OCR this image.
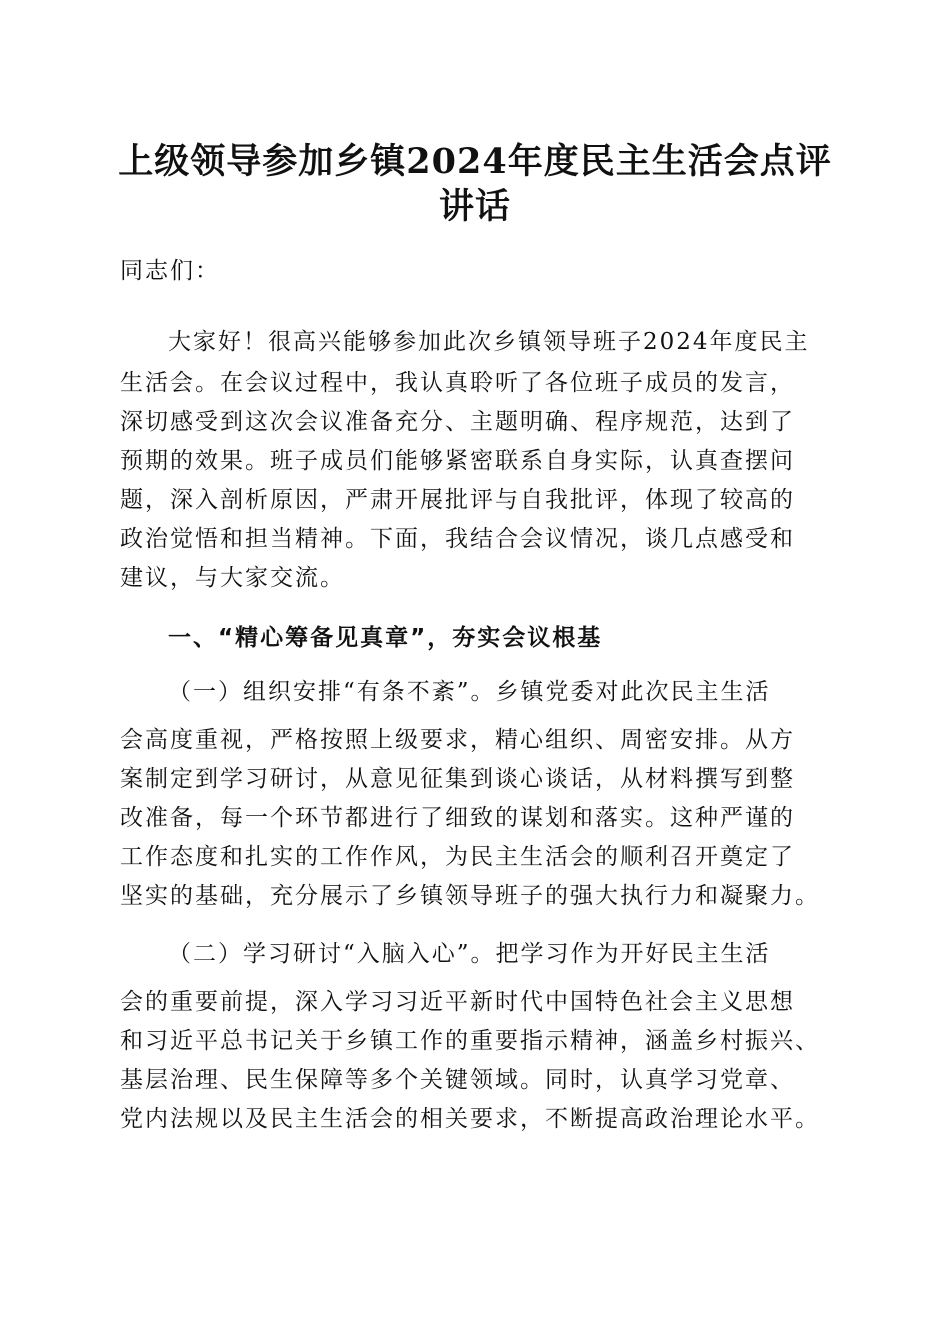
上级领导参加乡镇2024年度民主生活会点评
讲话

同志们：

大家好！很高兴能够参加此次乡镇领导班子2024年度民主

生活会。在会议过程中，我认真聆听了各位班子成员的发言，

深切感受到这次会议准备充分、主题明确、程序规范，达到了

预期的效果。班子成员们能够紧密联系自身实际，认真查摆问

题，深入剖析原因，严肃开展批评与自我批评，体现了较高的

政治觉悟和担当精神。下面，我结合会议情况，谈几点感受和

建议，与大家交流。

一、“精心筹备见真章”，夯实会议根基

（一）组织安排“有条不紊”。乡镇党委对此次民主生活

会高度重视，严格按照上级要求，精心组织、周密安排。从方

案制定到学习研讨，从意见征集到谈心谈话，从材料撰写到整

改准备，每一个环节都进行了细致的谋划和落实。这种严谨的

工作态度和扎实的工作作风，为民主生活会的顺利召开奠定了

坚实的基础，充分展示了乡镇领导班子的强大执行力和凝聚力。

（二）学习研讨“入脑入心”。把学习作为开好民主生活

会的重要前提，深入学习习近平新时代中国特色社会主义思想

和习近平总书记关于乡镇工作的重要指示精神，涵盖乡村振兴、

基层治理、民生保障等多个关键领域。同时，认真学习党章、

党内法规以及民主生活会的相关要求，不断提高政治理论水平。
